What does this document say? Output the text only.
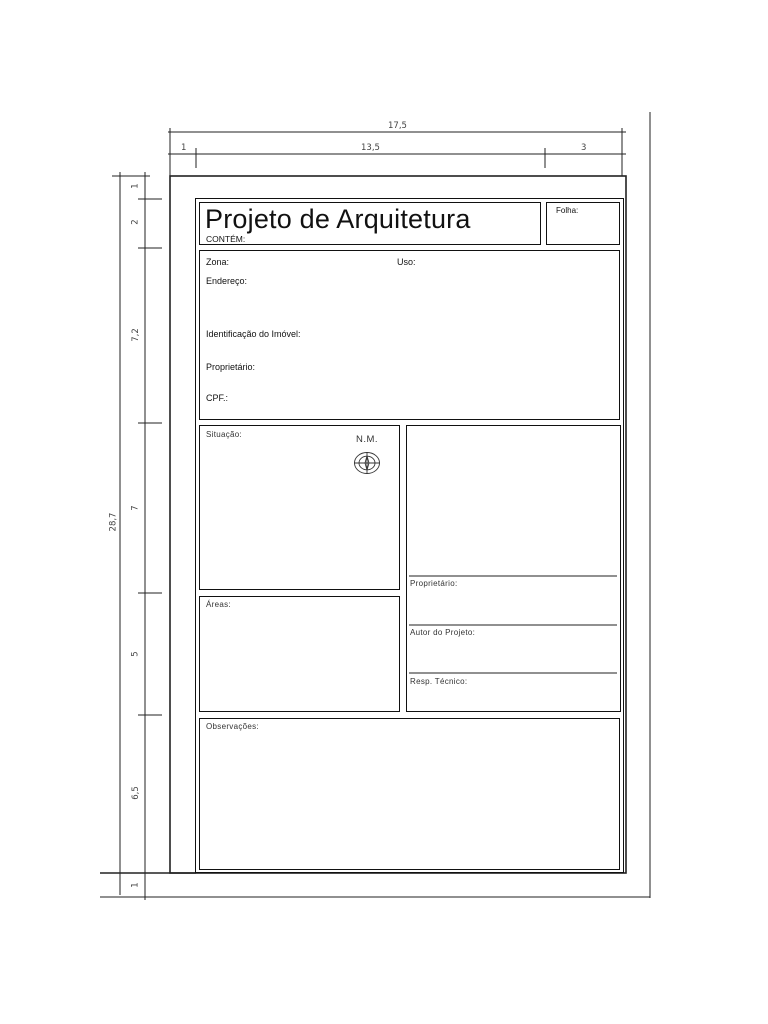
17,5
1	13,5	3
28,7
1
2
7,2
7
5
6,5
1
Projeto de Arquitetura
CONTÉM:
Folha:
Zona:	Uso:
Endereço:
Identificação do Imóvel:
Proprietário:
CPF.:
Situação:	N.M.
Áreas:
Proprietário:
Autor do Projeto:
Resp. Técnico:
Observações:
